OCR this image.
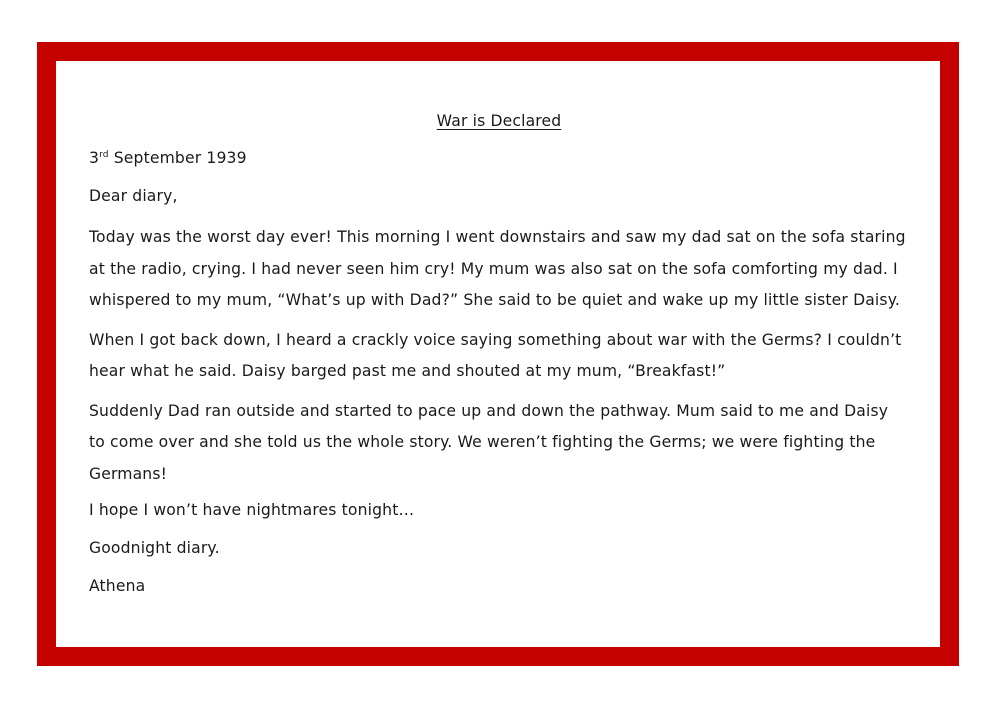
War is Declared
3rd September 1939
Dear diary,
Today was the worst day ever! This morning I went downstairs and saw my dad sat on the sofa staring at the radio, crying. I had never seen him cry! My mum was also sat on the sofa comforting my dad. I whispered to my mum, “What’s up with Dad?” She said to be quiet and wake up my little sister Daisy.
When I got back down, I heard a crackly voice saying something about war with the Germs? I couldn’t hear what he said. Daisy barged past me and shouted at my mum, “Breakfast!”
Suddenly Dad ran outside and started to pace up and down the pathway. Mum said to me and Daisy to come over and she told us the whole story. We weren’t fighting the Germs; we were fighting the Germans!
I hope I won’t have nightmares tonight…
Goodnight diary.
Athena
